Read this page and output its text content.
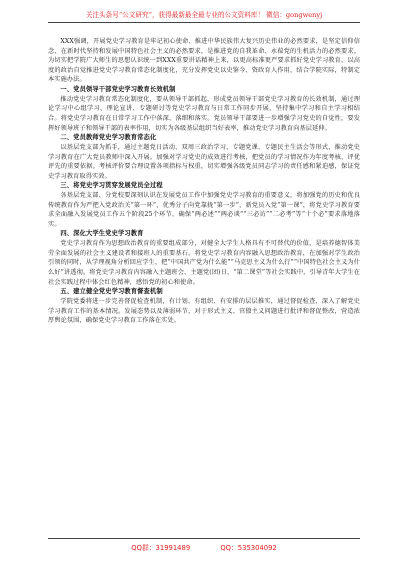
关注头条号“公文研究”，获得最新最全最专业的公文资料库！ 微信：gongwenyj

XXX强调，开展党史学习教育是牢记初心使命、推进中华民族伟大复兴历史伟业的必然要求，是坚定信仰信念、在新时代坚持和发展中国特色社会主义的必然要求，是推进党的自我革命、永葆党的生机活力的必然要求。为切实把学院广大师生的思想认识统一到XXX重要讲话精神上来，以更高标准更严要求抓好党史学习教育，以高度的政治自觉推进党史学习教育常态化制度化，充分发挥党史以史鉴今、资政育人作用，结合学院实际，特制定本实施办法。

一、党员领导干部党史学习教育长效机制

推动党史学习教育常态化制度化，要从领导干部抓起，形成党员领导干部党史学习教育的长效机制，通过理论学习中心组学习、理论宣讲、专题研讨等党史学习教育与日常工作同步开展，坚持集中学习和自主学习相结合。将党史学习教育在日常学习工作中落深、落细和落实。党员领导干部要进一步增强学习党史的自觉性，要发挥好领导班子和领导干部的表率作用，切实为各级基层组织当好表率，推动党史学习教育向基层延伸。

二、党员教师党史学习教育常态化

以基层党支部为抓手，通过主题党日活动、双周三政治学习、专题党课、专题民主生活会等形式，推动党史学习教育在广大党员教师中深入开展。加强对学习党史的成效进行考核，把党员的学习情况作为年度考核、评优评先的重要依据。考核评价要合理设置各项指标与权重，切实增强各级党员同志学习的责任感和紧迫感，保证党史学习教育取得实效。

三、将党史学习贯穿发展党员全过程

各基层党支部、分党校要深刻认识在发展党员工作中加强党史学习教育的重要意义，将加强党的历史和优良传统教育作为严把入党政治关“第一环”，优秀分子向党靠拢“第一步”，新党员入党“第一课”，将党史学习教育要求全面融入发展党员工作五个阶段25个环节，确保“两必述”“两必谈”“三必访”“二必考”等“十个必”要求落地落实。

四、深化大学生党史学习教育

党史学习教育作为思想政治教育的重要组成部分，对健全大学生人格具有不可替代的价值，是培养德智体美劳全面发展的社会主义建设者和接班人的重要基石。将党史学习教育内容融入思想政治教育，在加强对学生政治引领的同时，从学理视角分析回应学生，把“中国共产党为什么能”“马克思主义为什么行”“中国特色社会主义为什么好”讲透彻。将党史学习教育内容融入主题班会、主题党(团)日、“第二课堂”等社会实践中，引导青年大学生在社会实践过程中体会红色精神，感悟党的初心和使命。

五、建立健全党史学习教育督查机制

学院党委将进一步完善督促检查机制，有计划、有组织、有安排的层层推实，通过督促检查，深入了解党史学习教育工作的基本情况。发展态势以及薄弱环节，对于形式主义、官僚主义问题进行批评和督促整改，营造浓厚舆论氛围，确保党史学习教育工作落在实处。

QQ群：31991489	QQ：535304092
